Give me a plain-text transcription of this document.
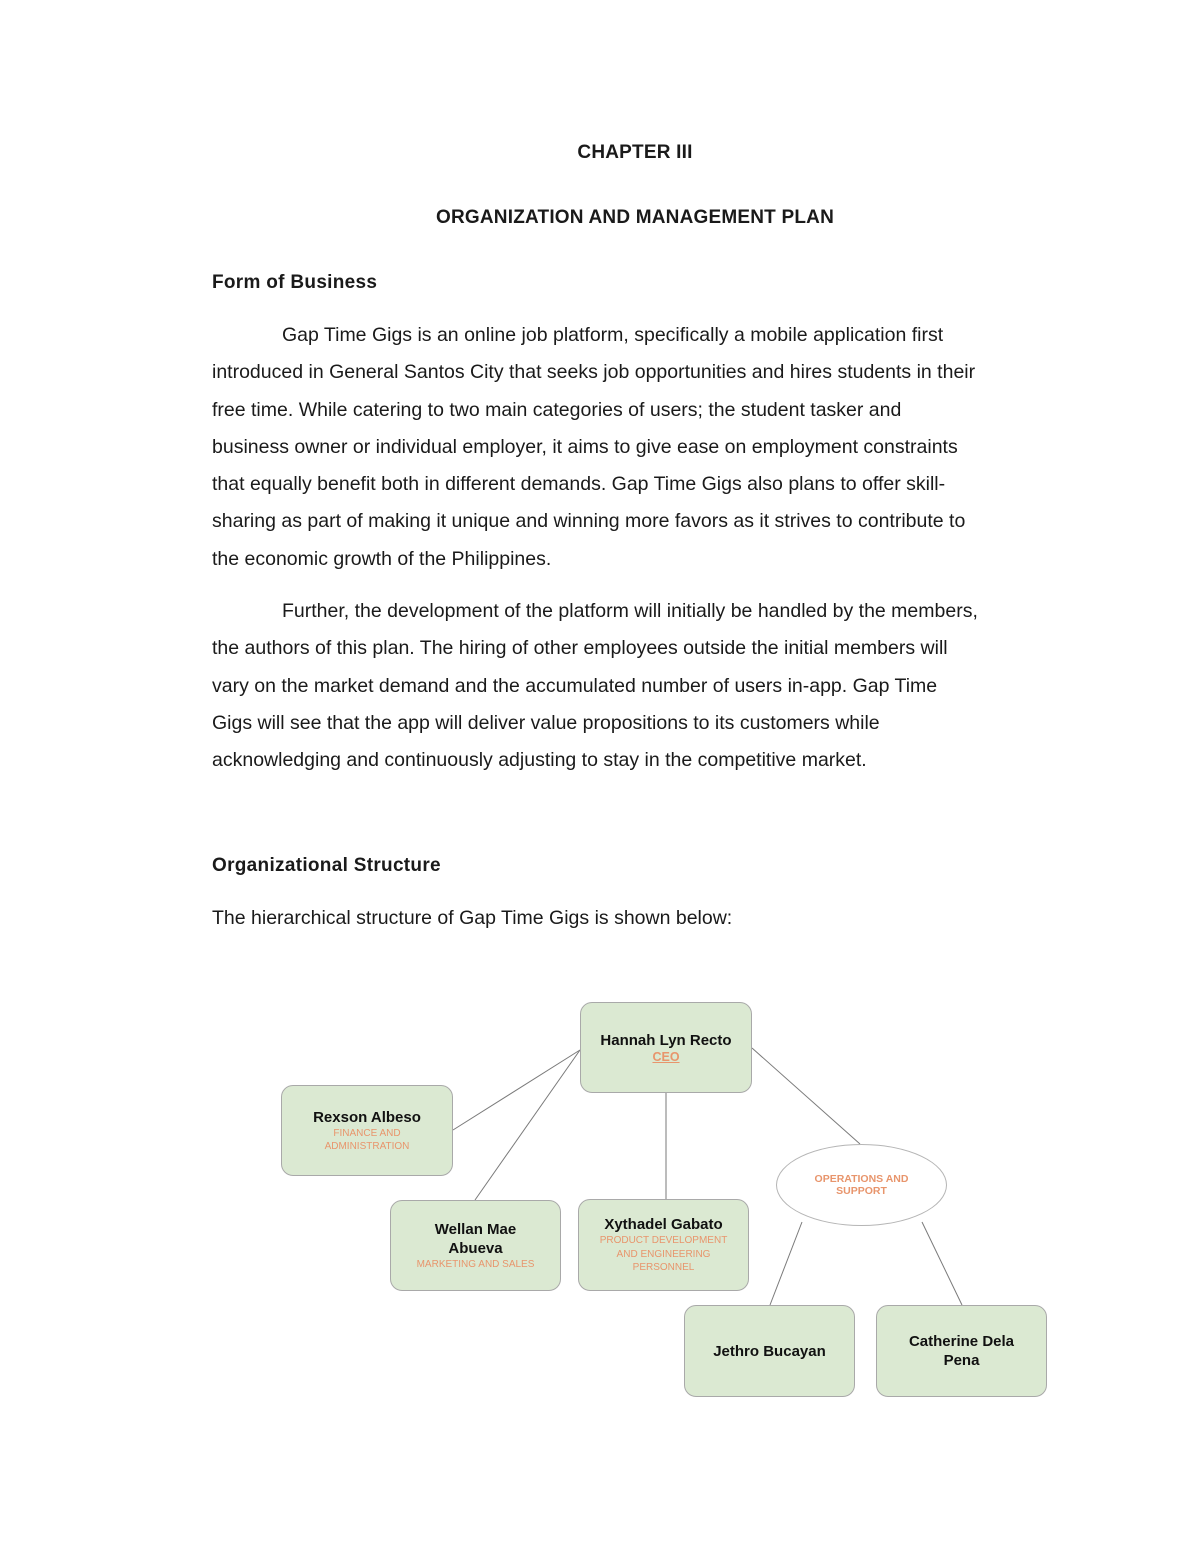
CHAPTER III
ORGANIZATION AND MANAGEMENT PLAN
Form of Business
Gap Time Gigs is an online job platform, specifically a mobile application first
introduced in General Santos City that seeks job opportunities and hires students in their
free time. While catering to two main categories of users; the student tasker and
business owner or individual employer, it aims to give ease on employment constraints
that equally benefit both in different demands. Gap Time Gigs also plans to offer skill-
sharing as part of making it unique and winning more favors as it strives to contribute to
the economic growth of the Philippines.
Further, the development of the platform will initially be handled by the members,
the authors of this plan. The hiring of other employees outside the initial members will
vary on the market demand and the accumulated number of users in-app. Gap Time
Gigs will see that the app will deliver value propositions to its customers while
acknowledging and continuously adjusting to stay in the competitive market.
Organizational Structure
The hierarchical structure of Gap Time Gigs is shown below:
Hannah Lyn Recto
CEO
Rexson Albeso
FINANCE AND
ADMINISTRATION
Wellan Mae
Abueva
MARKETING AND SALES
Xythadel Gabato
PRODUCT DEVELOPMENT
AND ENGINEERING
PERSONNEL
OPERATIONS AND
SUPPORT
Jethro Bucayan
Catherine Dela
Pena
